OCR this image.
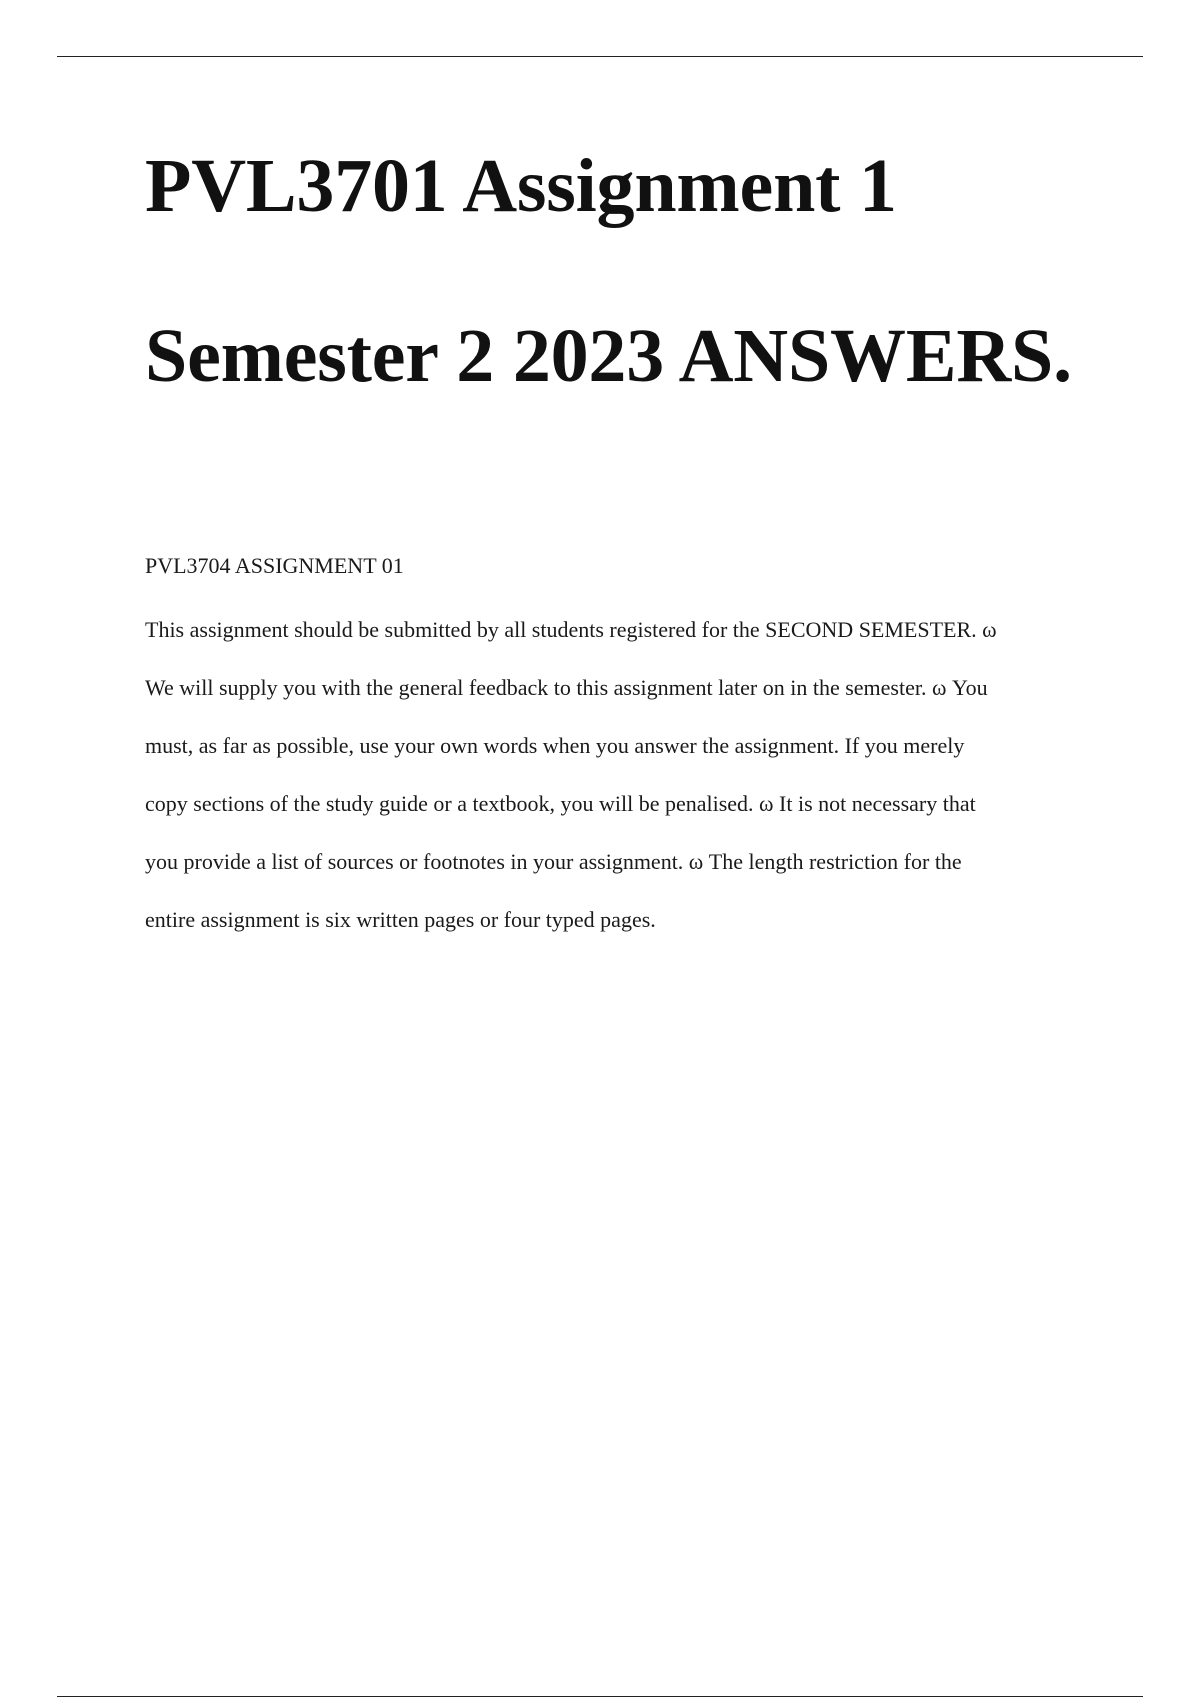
PVL3701 Assignment 1
Semester 2 2023 ANSWERS.

PVL3704 ASSIGNMENT 01

This assignment should be submitted by all students registered for the SECOND SEMESTER. ω
We will supply you with the general feedback to this assignment later on in the semester. ω You
must, as far as possible, use your own words when you answer the assignment. If you merely
copy sections of the study guide or a textbook, you will be penalised. ω It is not necessary that
you provide a list of sources or footnotes in your assignment. ω The length restriction for the
entire assignment is six written pages or four typed pages.
